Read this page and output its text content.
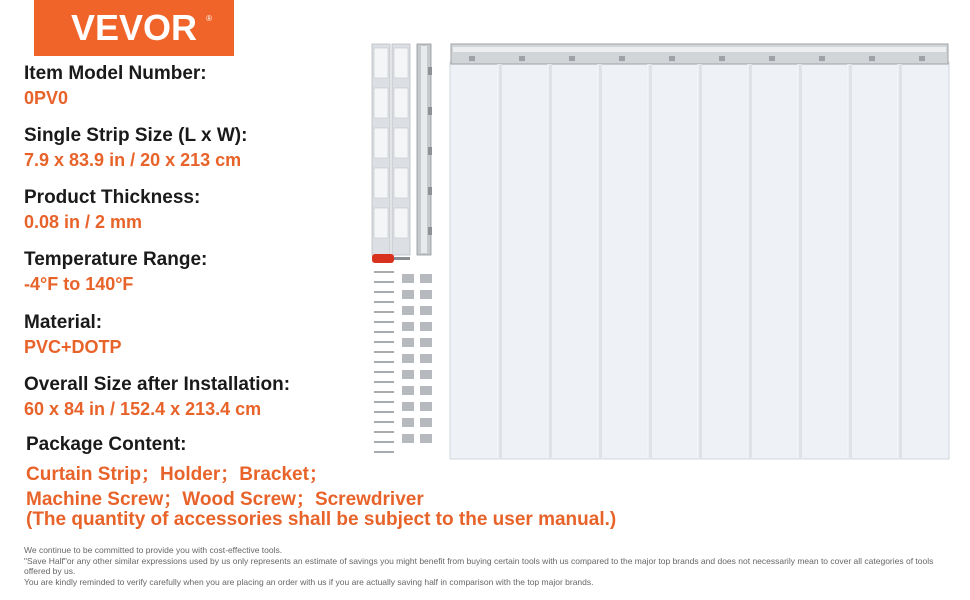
VEVOR ®
Item Model Number:
0PV0
Single Strip Size (L x W):
7.9 x 83.9 in / 20 x 213 cm
Product Thickness:
0.08 in / 2 mm
Temperature Range:
-4°F to 140°F
Material:
PVC+DOTP
Overall Size after Installation:
60 x 84 in / 152.4 x 213.4 cm
Package Content:
Curtain Strip；Holder；Bracket；
Machine Screw；Wood Screw；Screwdriver
(The quantity of accessories shall be subject to the user manual.)
We continue to be committed to provide you with cost-effective tools.
"Save Half"or any other similar expressions used by us only represents an estimate of savings you might benefit from buying certain tools with us compared to the major top brands and does not necessarily mean to cover all categories of tools offered by us.
You are kindly reminded to verify carefully when you are placing an order with us if you are actually saving half in comparison with the top major brands.
